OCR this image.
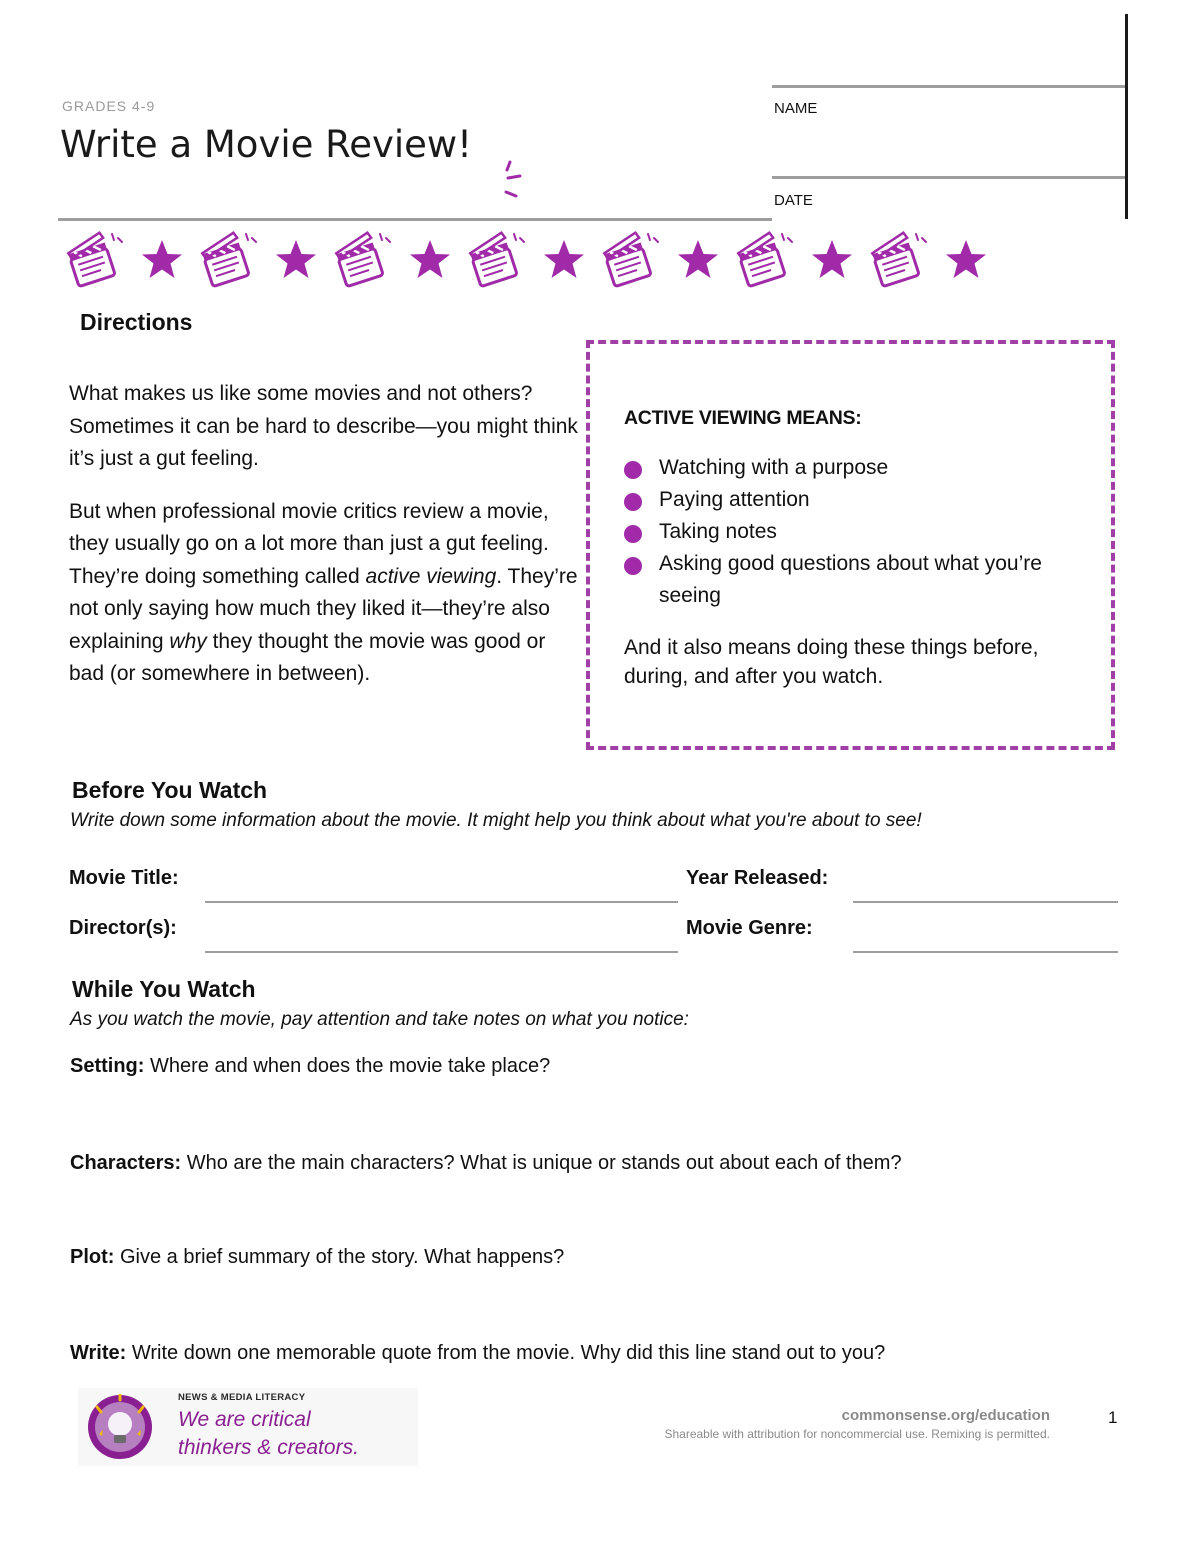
GRADES 4-9
Write a Movie Review!
NAME
DATE
Directions

What makes us like some movies and not others? Sometimes it can be hard to describe—you might think it’s just a gut feeling.

But when professional movie critics review a movie, they usually go on a lot more than just a gut feeling. They’re doing something called active viewing. They’re not only saying how much they liked it—they’re also explaining why they thought the movie was good or bad (or somewhere in between).

ACTIVE VIEWING MEANS:
Watching with a purpose
Paying attention
Taking notes
Asking good questions about what you’re seeing
And it also means doing these things before, during, and after you watch.
Before You Watch
Write down some information about the movie. It might help you think about what you're about to see!
Movie Title:	Year Released:
Director(s):	Movie Genre:
While You Watch
As you watch the movie, pay attention and take notes on what you notice:
Setting: Where and when does the movie take place?
Characters: Who are the main characters? What is unique or stands out about each of them?
Plot: Give a brief summary of the story. What happens?
Write: Write down one memorable quote from the movie. Why did this line stand out to you?
NEWS & MEDIA LITERACY
We are critical
thinkers & creators.
commonsense.org/education
Shareable with attribution for noncommercial use. Remixing is permitted.
1
